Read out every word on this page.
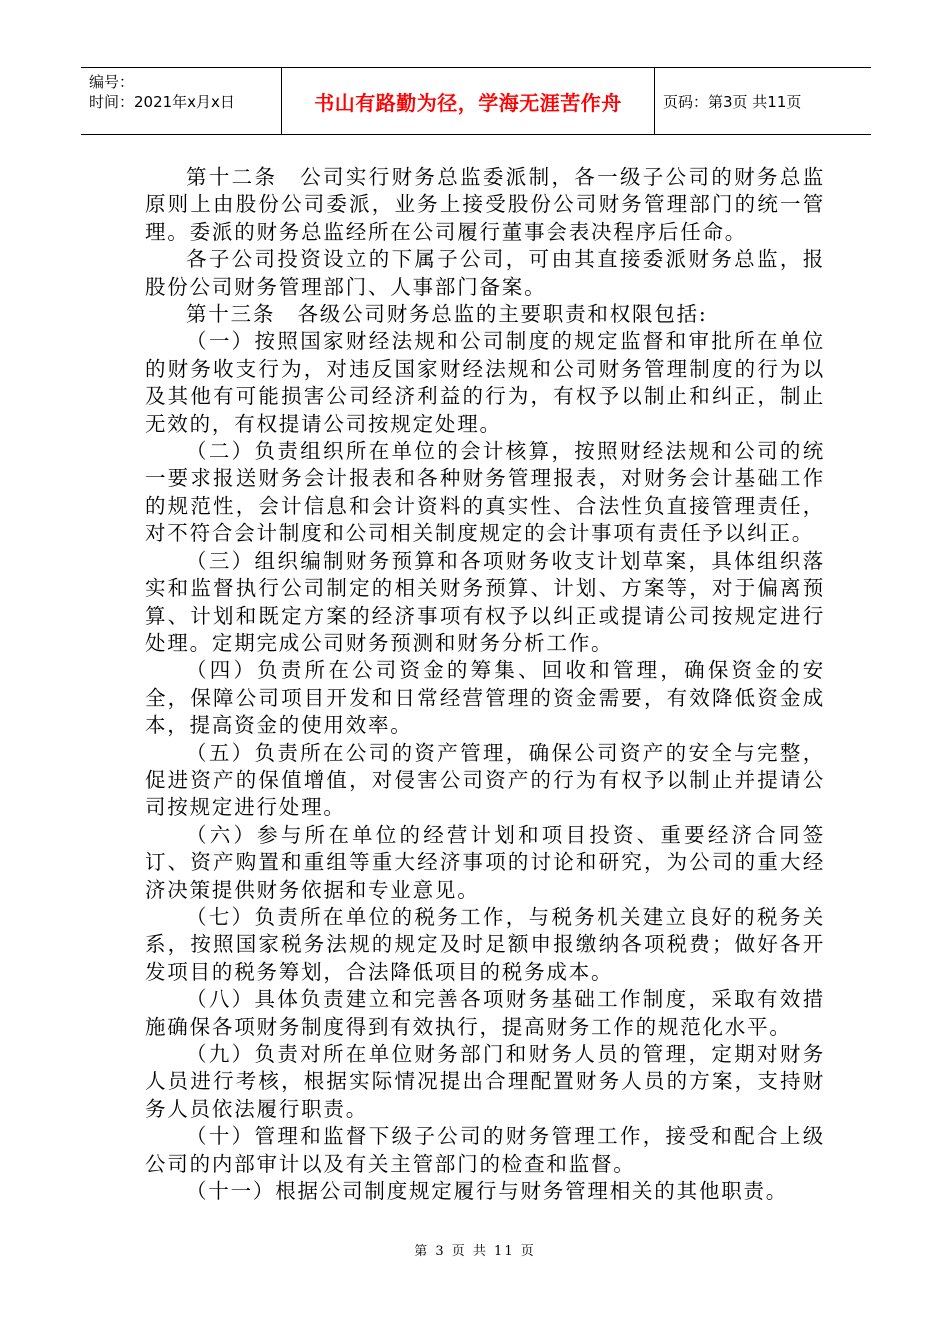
编号：
时间：2021年x月x日	书山有路勤为径，学海无涯苦作舟	页码：第3页 共11页

第十二条　公司实行财务总监委派制，各一级子公司的财务总监原则上由股份公司委派，业务上接受股份公司财务管理部门的统一管理。委派的财务总监经所在公司履行董事会表决程序后任命。

各子公司投资设立的下属子公司，可由其直接委派财务总监，报股份公司财务管理部门、人事部门备案。

第十三条　各级公司财务总监的主要职责和权限包括:

（一）按照国家财经法规和公司制度的规定监督和审批所在单位的财务收支行为，对违反国家财经法规和公司财务管理制度的行为以及其他有可能损害公司经济利益的行为，有权予以制止和纠正，制止无效的，有权提请公司按规定处理。

（二）负责组织所在单位的会计核算，按照财经法规和公司的统一要求报送财务会计报表和各种财务管理报表，对财务会计基础工作的规范性，会计信息和会计资料的真实性、合法性负直接管理责任，对不符合会计制度和公司相关制度规定的会计事项有责任予以纠正。

（三）组织编制财务预算和各项财务收支计划草案，具体组织落实和监督执行公司制定的相关财务预算、计划、方案等，对于偏离预算、计划和既定方案的经济事项有权予以纠正或提请公司按规定进行处理。定期完成公司财务预测和财务分析工作。

（四）负责所在公司资金的筹集、回收和管理，确保资金的安全，保障公司项目开发和日常经营管理的资金需要，有效降低资金成本，提高资金的使用效率。

（五）负责所在公司的资产管理，确保公司资产的安全与完整，促进资产的保值增值，对侵害公司资产的行为有权予以制止并提请公司按规定进行处理。

（六）参与所在单位的经营计划和项目投资、重要经济合同签订、资产购置和重组等重大经济事项的讨论和研究，为公司的重大经济决策提供财务依据和专业意见。

（七）负责所在单位的税务工作，与税务机关建立良好的税务关系，按照国家税务法规的规定及时足额申报缴纳各项税费；做好各开发项目的税务筹划，合法降低项目的税务成本。

（八）具体负责建立和完善各项财务基础工作制度，采取有效措施确保各项财务制度得到有效执行，提高财务工作的规范化水平。

（九）负责对所在单位财务部门和财务人员的管理，定期对财务人员进行考核，根据实际情况提出合理配置财务人员的方案，支持财务人员依法履行职责。

（十）管理和监督下级子公司的财务管理工作，接受和配合上级公司的内部审计以及有关主管部门的检查和监督。

（十一）根据公司制度规定履行与财务管理相关的其他职责。

第 3 页 共 11 页
